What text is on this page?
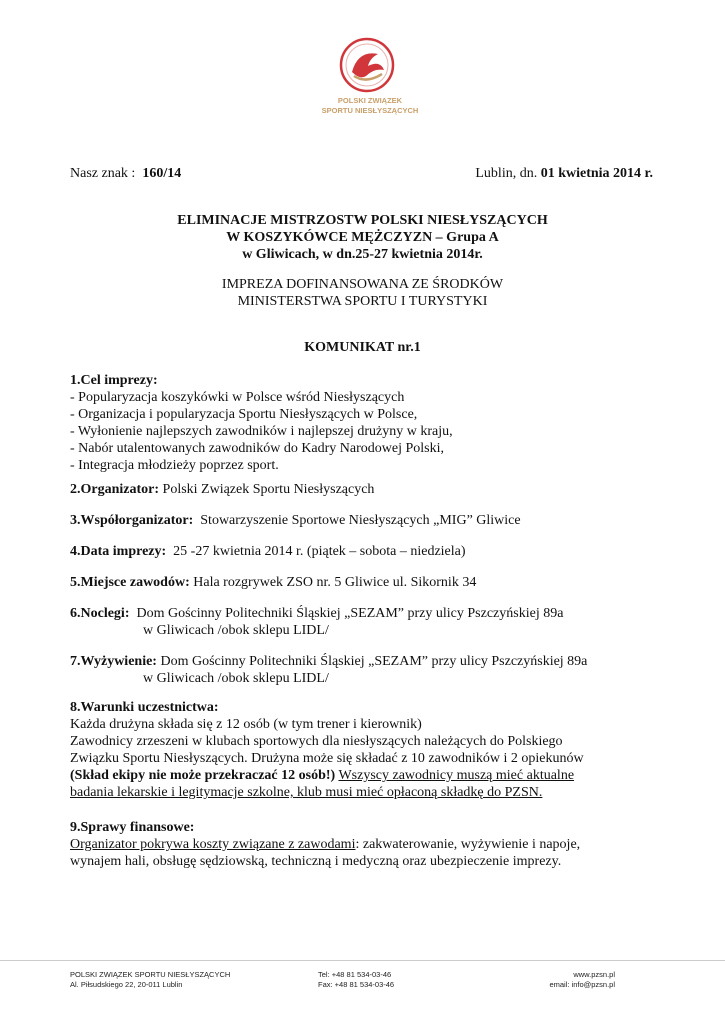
POLSKI ZWIĄZEK
SPORTU NIESŁYSZĄCYCH
Nasz znak : 160/14	Lublin, dn. 01 kwietnia 2014 r.
ELIMINACJE MISTRZOSTW POLSKI NIESŁYSZĄCYCH
W KOSZYKÓWCE MĘŻCZYZN – Grupa A
w Gliwicach, w dn.25-27 kwietnia 2014r.
IMPREZA DOFINANSOWANA ZE ŚRODKÓW
MINISTERSTWA SPORTU I TURYSTYKI
KOMUNIKAT nr.1
1.Cel imprezy:
- Popularyzacja koszykówki w Polsce wśród Niesłyszących
- Organizacja i popularyzacja Sportu Niesłyszących w Polsce,
- Wyłonienie najlepszych zawodników i najlepszej drużyny w kraju,
- Nabór utalentowanych zawodników do Kadry Narodowej Polski,
- Integracja młodzieży poprzez sport.
2.Organizator: Polski Związek Sportu Niesłyszących
3.Współorganizator: Stowarzyszenie Sportowe Niesłyszących „MIG” Gliwice
4.Data imprezy: 25 -27 kwietnia 2014 r. (piątek – sobota – niedziela)
5.Miejsce zawodów: Hala rozgrywek ZSO nr. 5 Gliwice ul. Sikornik 34
6.Noclegi: Dom Gościnny Politechniki Śląskiej „SEZAM” przy ulicy Pszczyńskiej 89a
w Gliwicach /obok sklepu LIDL/
7.Wyżywienie: Dom Gościnny Politechniki Śląskiej „SEZAM” przy ulicy Pszczyńskiej 89a
w Gliwicach /obok sklepu LIDL/
8.Warunki uczestnictwa:
Każda drużyna składa się z 12 osób (w tym trener i kierownik)
Zawodnicy zrzeszeni w klubach sportowych dla niesłyszących należących do Polskiego
Związku Sportu Niesłyszących. Drużyna może się składać z 10 zawodników i 2 opiekunów
(Skład ekipy nie może przekraczać 12 osób!) Wszyscy zawodnicy muszą mieć aktualne
badania lekarskie i legitymacje szkolne, klub musi mieć opłaconą składkę do PZSN.
9.Sprawy finansowe:
Organizator pokrywa koszty związane z zawodami: zakwaterowanie, wyżywienie i napoje,
wynajem hali, obsługę sędziowską, techniczną i medyczną oraz ubezpieczenie imprezy.
POLSKI ZWIĄZEK SPORTU NIESŁYSZĄCYCH
Al. Piłsudskiego 22, 20-011 Lublin
Tel: +48 81 534-03-46
Fax: +48 81 534-03-46
www.pzsn.pl
email: info@pzsn.pl
